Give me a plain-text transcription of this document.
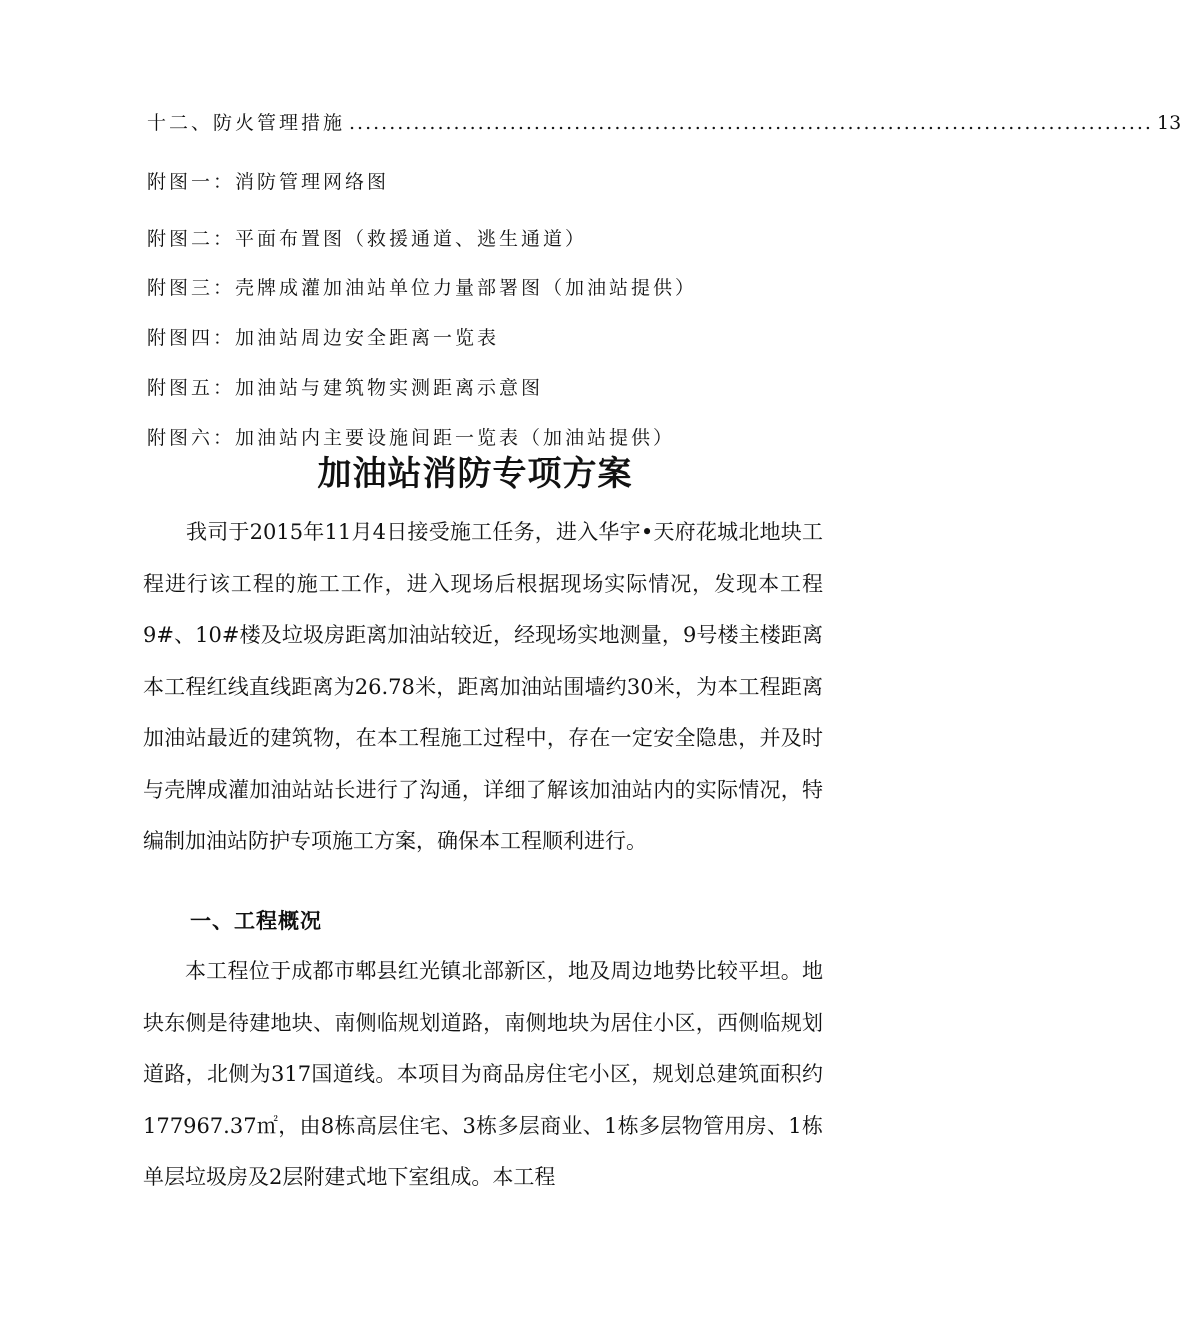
十二、防火管理措施 .................................................................................................... 13
附图一：消防管理网络图
附图二：平面布置图（救援通道、逃生通道）
附图三：壳牌成灌加油站单位力量部署图（加油站提供）
附图四：加油站周边安全距离一览表
附图五：加油站与建筑物实测距离示意图
附图六：加油站内主要设施间距一览表（加油站提供）
加油站消防专项方案

我司于2015年11月4日接受施工任务，进入华宇•天府花城北地块工程进行该工程的施工工作，进入现场后根据现场实际情况，发现本工程9#、10#楼及垃圾房距离加油站较近，经现场实地测量，9号楼主楼距离本工程红线直线距离为26.78米，距离加油站围墙约30米，为本工程距离加油站最近的建筑物，在本工程施工过程中，存在一定安全隐患，并及时与壳牌成灌加油站站长进行了沟通，详细了解该加油站内的实际情况，特编制加油站防护专项施工方案，确保本工程顺利进行。

一、工程概况

本工程位于成都市郫县红光镇北部新区，地及周边地势比较平坦。地块东侧是待建地块、南侧临规划道路，南侧地块为居住小区，西侧临规划道路，北侧为317国道线。本项目为商品房住宅小区，规划总建筑面积约177967.37㎡，由8栋高层住宅、3栋多层商业、1栋多层物管用房、1栋单层垃圾房及2层附建式地下室组成。本工程
